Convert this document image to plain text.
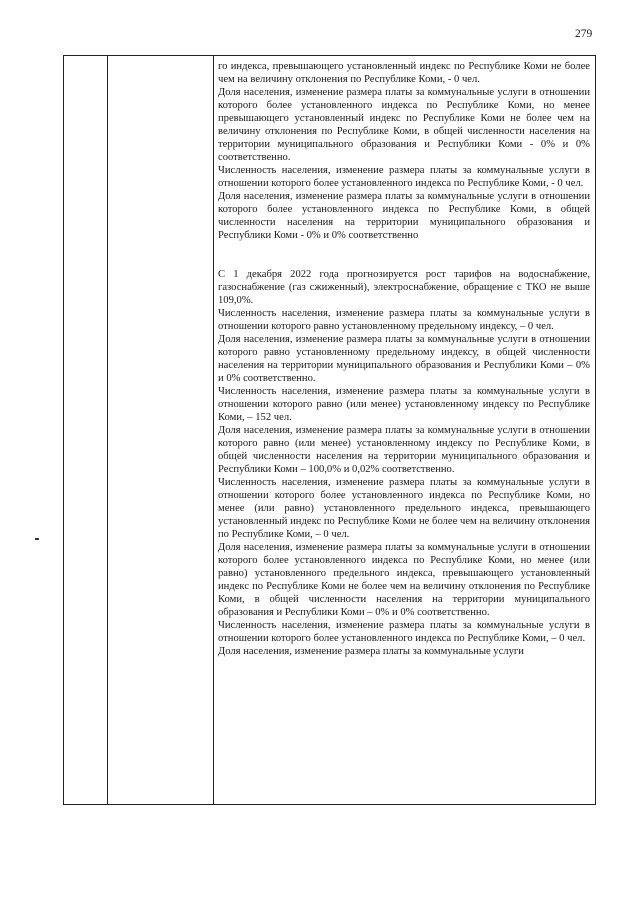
279

го индекса, превышающего установленный индекс по Республике Коми не более чем на величину отклонения по Республике Коми, - 0 чел.

Доля населения, изменение размера платы за коммунальные услуги в отношении которого более установленного индекса по Республике Коми, но менее превышающего установленный индекс по Республике Коми не более чем на величину отклонения по Республике Коми, в общей численности населения на территории муниципального образования и Республики Коми - 0% и 0% соответственно.

Численность населения, изменение размера платы за коммунальные услуги в отношении которого более установленного индекса по Республике Коми, - 0 чел.

Доля населения, изменение размера платы за коммунальные услуги в отношении которого более установленного индекса по Республике Коми, в общей численности населения на территории муниципального образования и Республики Коми - 0% и 0% соответственно

С 1 декабря 2022 года прогнозируется рост тарифов на водоснабжение, газоснабжение (газ сжиженный), электроснабжение, обращение с ТКО не выше 109,0%.

Численность населения, изменение размера платы за коммунальные услуги в отношении которого равно установленному предельному индексу, – 0 чел.

Доля населения, изменение размера платы за коммунальные услуги в отношении которого равно установленному предельному индексу, в общей численности населения на территории муниципального образования и Республики Коми – 0% и 0% соответственно.

Численность населения, изменение размера платы за коммунальные услуги в отношении которого равно (или менее) установленному индексу по Республике Коми, – 152 чел.

Доля населения, изменение размера платы за коммунальные услуги в отношении которого равно (или менее) установленному индексу по Республике Коми, в общей численности населения на территории муниципального образования и Республики Коми – 100,0% и 0,02% соответственно.

Численность населения, изменение размера платы за коммунальные услуги в отношении которого более установленного индекса по Республике Коми, но менее (или равно) установленного предельного индекса, превышающего установленный индекс по Республике Коми не более чем на величину отклонения по Республике Коми, – 0 чел.

Доля населения, изменение размера платы за коммунальные услуги в отношении которого более установленного индекса по Республике Коми, но менее (или равно) установленного предельного индекса, превышающего установленный индекс по Республике Коми не более чем на величину отклонения по Республике Коми, в общей численности населения на территории муниципального образования и Республики Коми – 0% и 0% соответственно.

Численность населения, изменение размера платы за коммунальные услуги в отношении которого более установленного индекса по Республике Коми, – 0 чел.

Доля населения, изменение размера платы за коммунальные услуги
